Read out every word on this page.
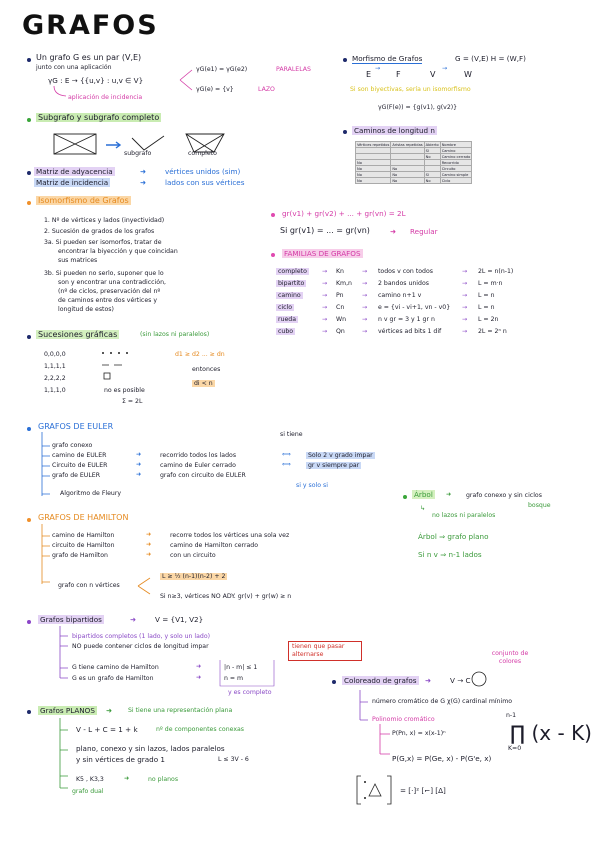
GRAFOS
Un grafo G es un par (V,E)
junto con una aplicación
γG : E → {{u,v} : u,v ∈ V}
aplicación de incidencia
γG(e1) = γG(e2)	PARALELAS
γG(e) = {v}	LAZO
Subgrafo y subgrafo completo
subgrafo	completo
Matriz de adyacencia	➜	vértices unidos (sim)
Matriz de incidencia	➜	lados con sus vértices
Isomorfismo de Grafos
1. Nº de vértices y lados (inyectividad)
2. Sucesión de grados de los grafos
3a. Si pueden ser isomorfos, tratar de
encontrar la biyección y que coincidan
sus matrices
3b. Si pueden no serlo, suponer que lo
son y encontrar una contradicción,
(nº de ciclos, preservación del nº
de caminos entre dos vértices y
longitud de estos)
Sucesiones gráficas	(sin lazos ni paralelos)
0,0,0,0
1,1,1,1
2,2,2,2
1,1,1,0	no es posible
Σ = 2L
d1 ≥ d2 ... ≥ dn
entonces
di < n
Morfismo de Grafos	G = (V,E) H = (W,F)
E
→
F	V
→
W
Si son biyectivas, sería un isomorfismo
γG(F(e)) = {g(v1), g(v2)}
Caminos de longitud n
Vértices repetidos	Aristas repetidas	Abierto	Nombre
		Sí	Camino
		No	Camino cerrado
No			Recorrido
No	No		Circuito
No	No	Sí	Camino simple
No	No	No	Ciclo
gr(v1) + gr(v2) + ... + gr(vn) = 2L
Si gr(v1) = ... = gr(vn)	➜ Regular
FAMILIAS DE GRAFOS
completo	Kn	todos v con todos	2L = n(n-1)
→	→	→
bipartito	Km,n	2 bandos unidos	L = m·n
→	→	→
camino	Pn	camino n+1 v	L = n
→	→	→
ciclo	Cn	e = {vi - vi+1, vn - v0}	L = n
→	→	→
rueda	Wn	n v gr = 3 y 1 gr n	L = 2n
→	→	→
cubo	Qn	vértices ad bits 1 dif	2L = 2ⁿ n
→	→	→
GRAFOS DE EULER
si tiene
grafo conexo
camino de EULER	➜	recorrido todos los lados	⟺	Solo 2 v grado impar
Circuito de EULER	➜	camino de Euler cerrado	⟺	gr v siempre par
grafo de EULER	➜	grafo con circuito de EULER
si y solo si
Algoritmo de Fleury	Árbol	➜ grafo conexo y sin ciclos
bosque
↳
no lazos ni paralelos
Árbol ⇒ grafo plano
Si n v ⇒ n-1 lados
GRAFOS DE HAMILTON
camino de Hamilton	➜	recorre todos los vértices una sola vez
circuito de Hamilton	➜	camino de Hamilton cerrado
grafo de Hamilton	➜	con un circuito
grafo con n vértices
L ≥ ½ (n-1)(n-2) + 2
Si n≥3, vértices NO ADY. gr(v) + gr(w) ≥ n
Grafos bipartidos	➜	V = {V1, V2}
bipartidos completos (1 lado, y solo un lado)
NO puede contener ciclos de longitud impar	tienen que pasar alternarse
G tiene camino de Hamilton	➜	|n - m| ≤ 1
G es un grafo de Hamilton	➜	n = m
y es completo
Coloreado de grafos ➜	V → C
conjunto de colores
número cromático de G χ(G) cardinal mínimo
Polinomio cromático
P(Pn, x) = x(x-1)ⁿ
n-1
∏ (x - K)
K=0
P(G,x) = P(Ge, x) - P(G'e, x)
= [·]² [⌐] [Δ]
Grafos PLANOS ➜	Si tiene una representación plana
V - L + C = 1 + k	nº de componentes conexas
plano, conexo y sin lazos, lados paralelos
y sin vértices de grado 1	L ≤ 3V - 6
K5 , K3,3	➜	no planos
grafo dual
